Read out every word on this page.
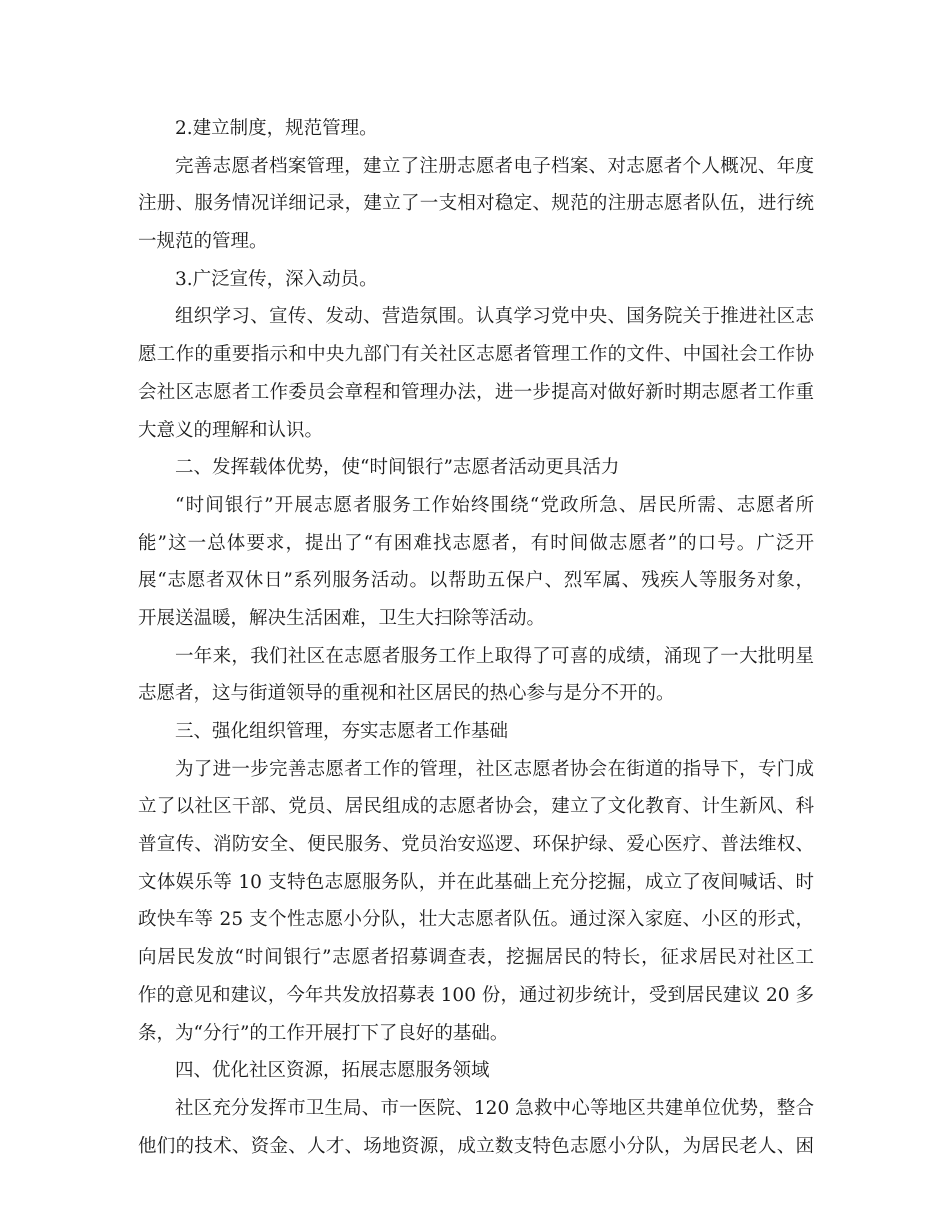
2.建立制度，规范管理。
完善志愿者档案管理，建立了注册志愿者电子档案、对志愿者个人概况、年度
注册、服务情况详细记录，建立了一支相对稳定、规范的注册志愿者队伍，进行统
一规范的管理。
3.广泛宣传，深入动员。
组织学习、宣传、发动、营造氛围。认真学习党中央、国务院关于推进社区志
愿工作的重要指示和中央九部门有关社区志愿者管理工作的文件、中国社会工作协
会社区志愿者工作委员会章程和管理办法，进一步提高对做好新时期志愿者工作重
大意义的理解和认识。
二、发挥载体优势，使“时间银行”志愿者活动更具活力
“时间银行”开展志愿者服务工作始终围绕“党政所急、居民所需、志愿者所
能”这一总体要求，提出了“有困难找志愿者，有时间做志愿者”的口号。广泛开
展“志愿者双休日”系列服务活动。以帮助五保户、烈军属、残疾人等服务对象，
开展送温暖，解决生活困难，卫生大扫除等活动。
一年来，我们社区在志愿者服务工作上取得了可喜的成绩，涌现了一大批明星
志愿者，这与街道领导的重视和社区居民的热心参与是分不开的。
三、强化组织管理，夯实志愿者工作基础
为了进一步完善志愿者工作的管理，社区志愿者协会在街道的指导下，专门成
立了以社区干部、党员、居民组成的志愿者协会，建立了文化教育、计生新风、科
普宣传、消防安全、便民服务、党员治安巡逻、环保护绿、爱心医疗、普法维权、
文体娱乐等 10 支特色志愿服务队，并在此基础上充分挖掘，成立了夜间喊话、时
政快车等 25 支个性志愿小分队，壮大志愿者队伍。通过深入家庭、小区的形式，
向居民发放“时间银行”志愿者招募调查表，挖掘居民的特长，征求居民对社区工
作的意见和建议，今年共发放招募表 100 份，通过初步统计，受到居民建议 20 多
条，为“分行”的工作开展打下了良好的基础。
四、优化社区资源，拓展志愿服务领域
社区充分发挥市卫生局、市一医院、120 急救中心等地区共建单位优势，整合
他们的技术、资金、人才、场地资源，成立数支特色志愿小分队，为居民老人、困
